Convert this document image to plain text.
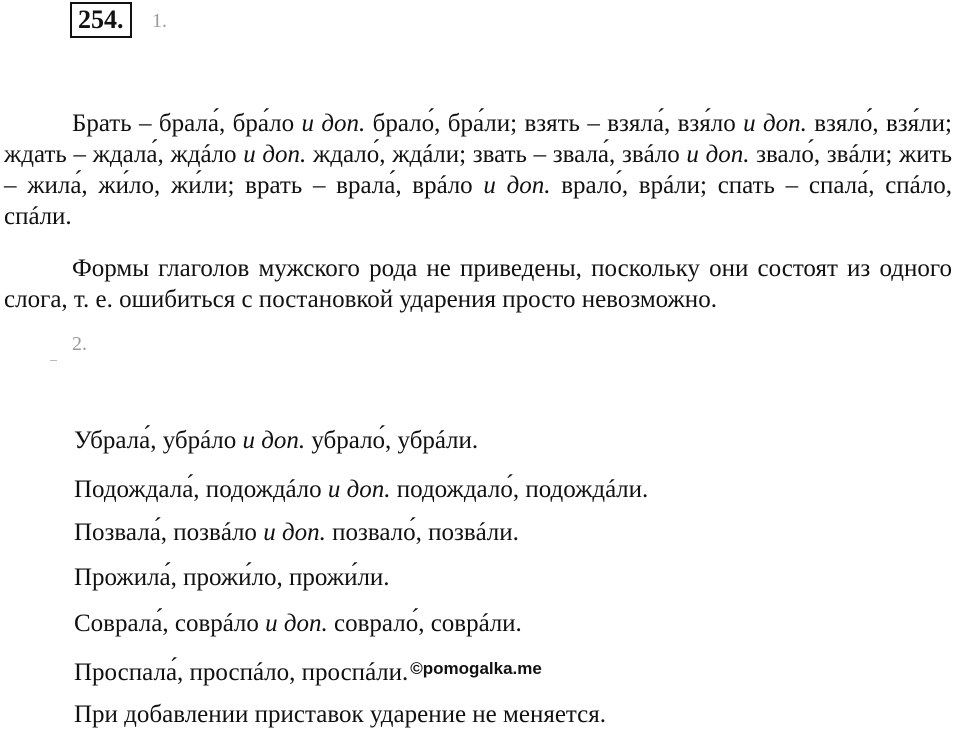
254.	1.

Брать – брала́, бра́ло и доп. брало́, бра́ли; взять – взяла́, взя́ло и доп. взяло́, взя́ли; ждать – ждала́, ждáло и доп. ждало́, ждáли; звать – звала́, звáло и доп. звало́, звáли; жить – жила́, жи́ло, жи́ли; врать – врала́, врáло и доп. врало́, врáли; спать – спала́, спáло, спáли.

Формы глаголов мужского рода не приведены, поскольку они состоят из одного слога, т. е. ошибиться с постановкой ударения просто невозможно.

2.
Убрала́, убрáло и доп. убрало́, убрáли.
Подождала́, подождáло и доп. подождало́, подождáли.
Позвала́, позвáло и доп. позвало́, позвáли.
Прожила́, прожи́ло, прожи́ли.
Соврала́, соврáло и доп. соврало́, соврáли.
Проспала́, проспáло, проспáли. $^{©pomogalka.me}$
При добавлении приставок ударение не меняется.
